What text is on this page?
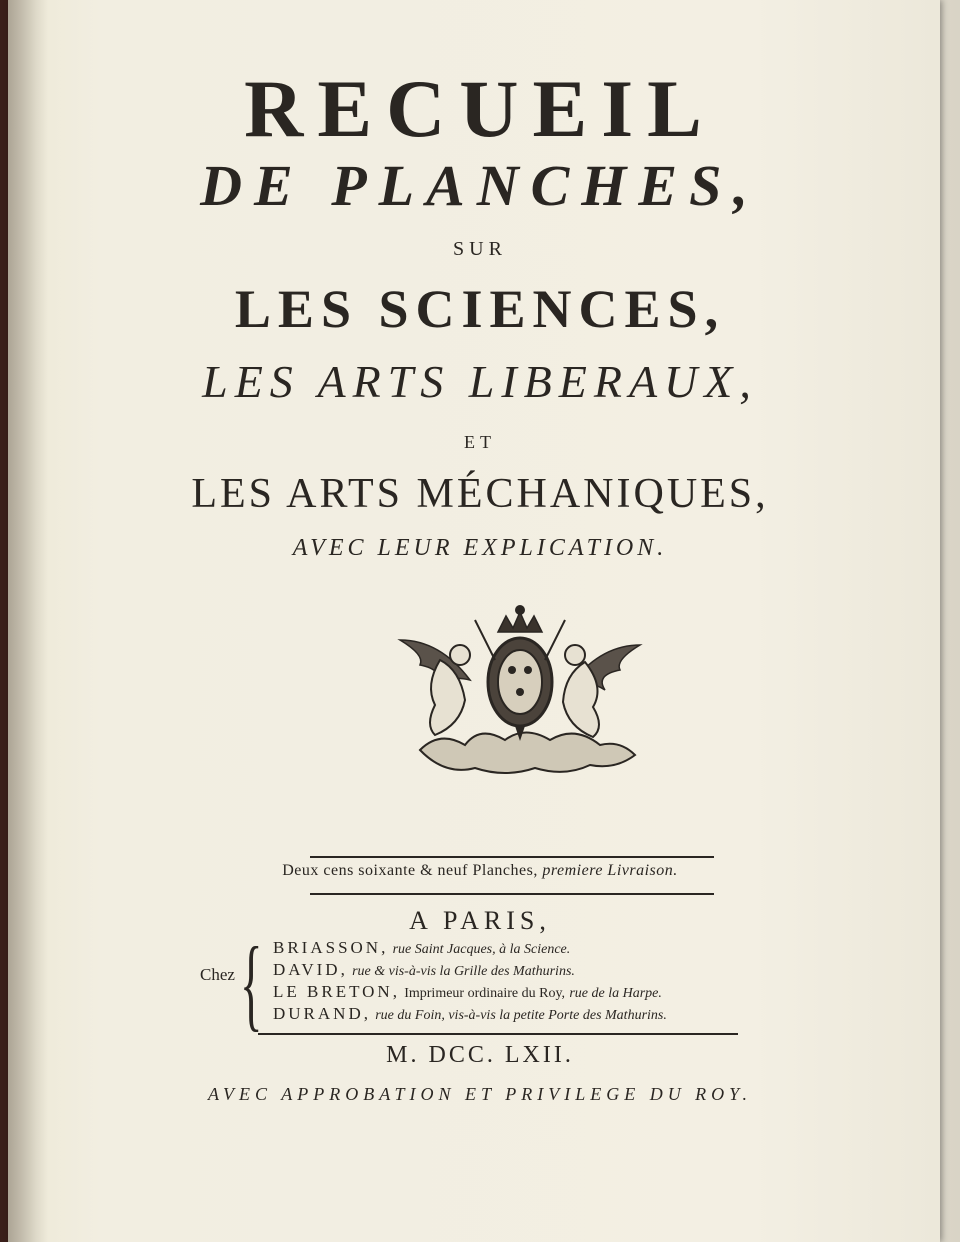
RECUEIL
DE PLANCHES,
SUR
LES SCIENCES,
LES ARTS LIBERAUX,
ET
LES ARTS MÉCHANIQUES,
AVEC LEUR EXPLICATION.
Deux cens soixante & neuf Planches, premiere Livraison.
A PARIS,
Chez { BRIASSON, rue Saint Jacques, à la Science.
DAVID, rue & vis-à-vis la Grille des Mathurins.
LE BRETON, Imprimeur ordinaire du Roy, rue de la Harpe.
DURAND, rue du Foin, vis-à-vis la petite Porte des Mathurins.
M. DCC. LXII.
AVEC APPROBATION ET PRIVILEGE DU ROY.
